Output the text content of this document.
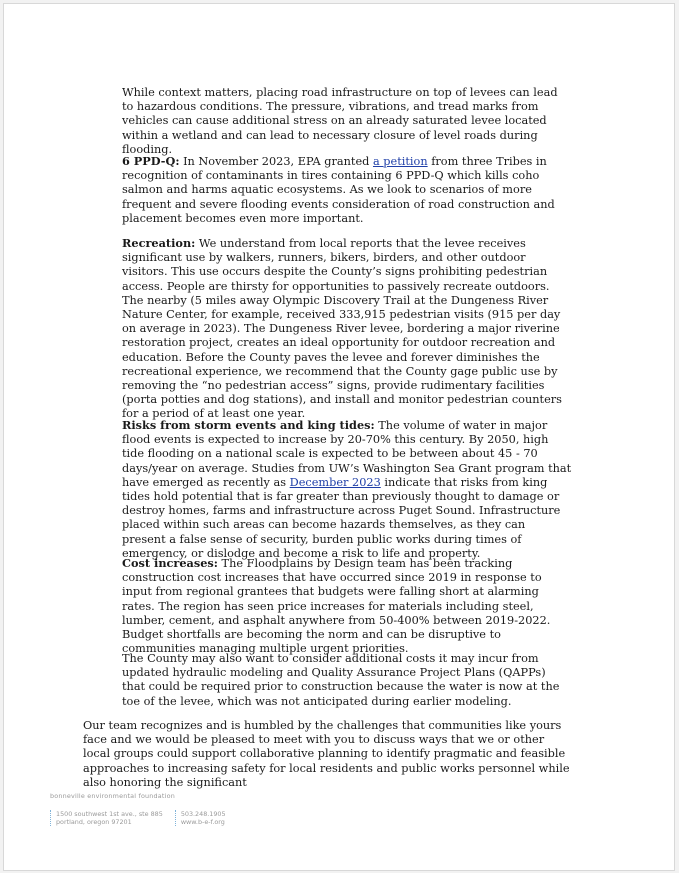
While context matters, placing road infrastructure on top of levees can lead to hazardous conditions. The pressure, vibrations, and tread marks from vehicles can cause additional stress on an already saturated levee located within a wetland and can lead to necessary closure of level roads during flooding.

6 PPD-Q: In November 2023, EPA granted a petition from three Tribes in recognition of contaminants in tires containing 6 PPD-Q which kills coho salmon and harms aquatic ecosystems. As we look to scenarios of more frequent and severe flooding events consideration of road construction and placement becomes even more important.

Recreation: We understand from local reports that the levee receives significant use by walkers, runners, bikers, birders, and other outdoor visitors. This use occurs despite the County’s signs prohibiting pedestrian access. People are thirsty for opportunities to passively recreate outdoors. The nearby (5 miles away Olympic Discovery Trail at the Dungeness River Nature Center, for example, received 333,915 pedestrian visits (915 per day on average in 2023). The Dungeness River levee, bordering a major riverine restoration project, creates an ideal opportunity for outdoor recreation and education. Before the County paves the levee and forever diminishes the recreational experience, we recommend that the County gage public use by removing the “no pedestrian access” signs, provide rudimentary facilities (porta potties and dog stations), and install and monitor pedestrian counters for a period of at least one year.

Risks from storm events and king tides: The volume of water in major flood events is expected to increase by 20-70% this century. By 2050, high tide flooding on a national scale is expected to be between about 45 - 70 days/year on average. Studies from UW’s Washington Sea Grant program that have emerged as recently as December 2023 indicate that risks from king tides hold potential that is far greater than previously thought to damage or destroy homes, farms and infrastructure across Puget Sound. Infrastructure placed within such areas can become hazards themselves, as they can present a false sense of security, burden public works during times of emergency, or dislodge and become a risk to life and property.

Cost increases: The Floodplains by Design team has been tracking construction cost increases that have occurred since 2019 in response to input from regional grantees that budgets were falling short at alarming rates. The region has seen price increases for materials including steel, lumber, cement, and asphalt anywhere from 50-400% between 2019-2022. Budget shortfalls are becoming the norm and can be disruptive to communities managing multiple urgent priorities.

The County may also want to consider additional costs it may incur from updated hydraulic modeling and Quality Assurance Project Plans (QAPPs) that could be required prior to construction because the water is now at the toe of the levee, which was not anticipated during earlier modeling.

Our team recognizes and is humbled by the challenges that communities like yours face and we would be pleased to meet with you to discuss ways that we or other local groups could support collaborative planning to identify pragmatic and feasible approaches to increasing safety for local residents and public works personnel while also honoring the significant

bonneville environmental foundation
1500 southwest 1st ave., ste 885
portland, oregon 97201
503.248.1905
www.b-e-f.org
